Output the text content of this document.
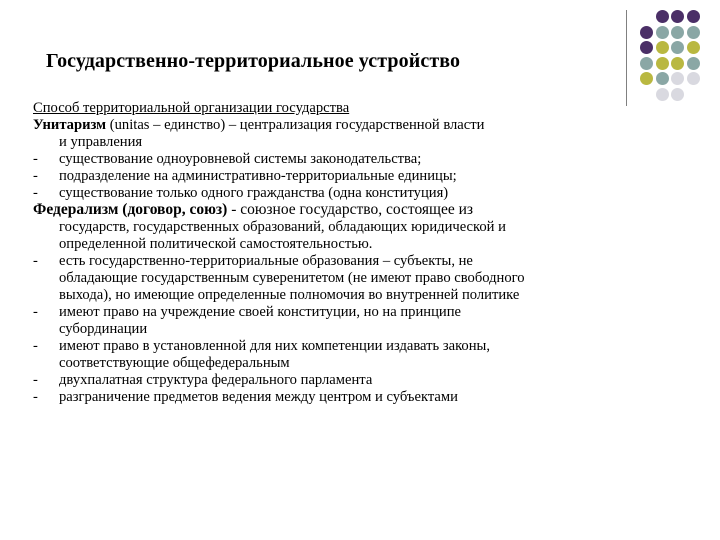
Государственно-территориальное устройство
Способ территориальной организации государства
Унитаризм (unitas – единство) – централизация государственной власти
и управления
-	существование одноуровневой системы законодательства;
-	подразделение на административно-территориальные единицы;
-	существование только одного гражданства (одна конституция)
Федерализм (договор, союз) - союзное государство, состоящее из
государств, государственных образований, обладающих юридической и
определенной политической самостоятельностью.
-	есть государственно-территориальные образования – субъекты, не
обладающие государственным суверенитетом (не имеют право свободного
выхода), но имеющие определенные полномочия во внутренней политике
-	имеют право на учреждение своей конституции, но на принципе
субординации
-	имеют право в установленной для них компетенции издавать законы,
соответствующие общефедеральным
-	двухпалатная структура федерального парламента
-	разграничение предметов ведения между центром и субъектами
